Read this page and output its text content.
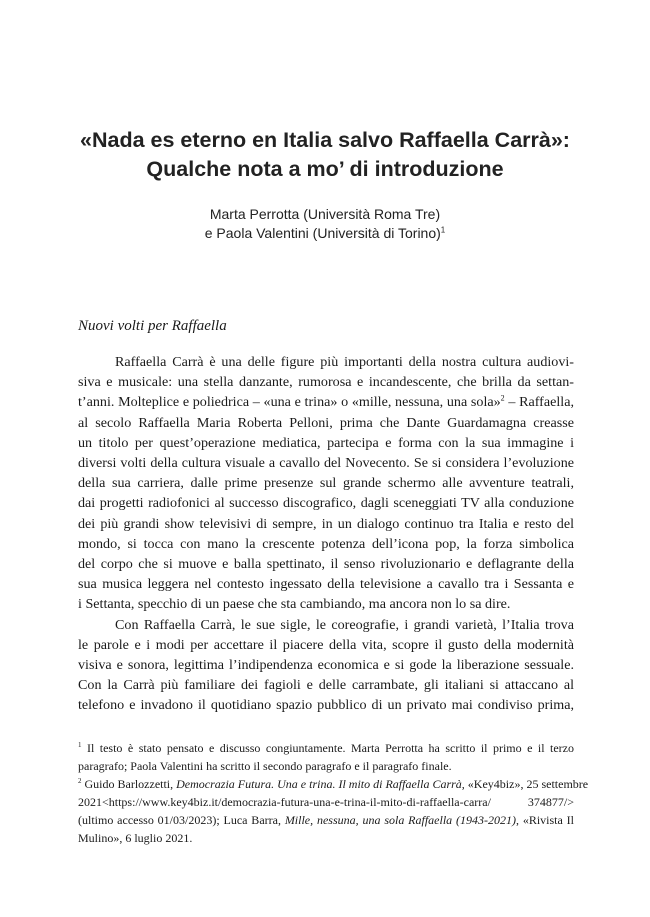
«Nada es eterno en Italia salvo Raffaella Carrà»:
Qualche nota a mo’ di introduzione
Marta Perrotta (Università Roma Tre)
e Paola Valentini (Università di Torino)$^1$
Nuovi volti per Raffaella
Raffaella Carrà è una delle figure più importanti della nostra cultura audiovi-
siva e musicale: una stella danzante, rumorosa e incandescente, che brilla da settan-
t’anni. Molteplice e poliedrica – «una e trina» o «mille, nessuna, una sola»$^2$ – Raffaella,
al secolo Raffaella Maria Roberta Pelloni, prima che Dante Guardamagna creasse
un titolo per quest’operazione mediatica, partecipa e forma con la sua immagine i
diversi volti della cultura visuale a cavallo del Novecento. Se si considera l’evoluzione
della sua carriera, dalle prime presenze sul grande schermo alle avventure teatrali,
dai progetti radiofonici al successo discografico, dagli sceneggiati TV alla conduzione
dei più grandi show televisivi di sempre, in un dialogo continuo tra Italia e resto del
mondo, si tocca con mano la crescente potenza dell’icona pop, la forza simbolica
del corpo che si muove e balla spettinato, il senso rivoluzionario e deflagrante della
sua musica leggera nel contesto ingessato della televisione a cavallo tra i Sessanta e
i Settanta, specchio di un paese che sta cambiando, ma ancora non lo sa dire.
Con Raffaella Carrà, le sue sigle, le coreografie, i grandi varietà, l’Italia trova
le parole e i modi per accettare il piacere della vita, scopre il gusto della modernità
visiva e sonora, legittima l’indipendenza economica e si gode la liberazione sessuale.
Con la Carrà più familiare dei fagioli e delle carrambate, gli italiani si attaccano al
telefono e invadono il quotidiano spazio pubblico di un privato mai condiviso prima,
$^1$ Il testo è stato pensato e discusso congiuntamente. Marta Perrotta ha scritto il primo e il terzo
paragrafo; Paola Valentini ha scritto il secondo paragrafo e il paragrafo finale.
$^2$ Guido Barlozzetti, Democrazia Futura. Una e trina. Il mito di Raffaella Carrà, «Key4biz», 25 settembre
2021<https://www.key4biz.it/democrazia-futura-una-e-trina-il-mito-di-raffaella-carra/ 374877/>
(ultimo accesso 01/03/2023); Luca Barra, Mille, nessuna, una sola Raffaella (1943-2021), «Rivista Il
Mulino», 6 luglio 2021.
